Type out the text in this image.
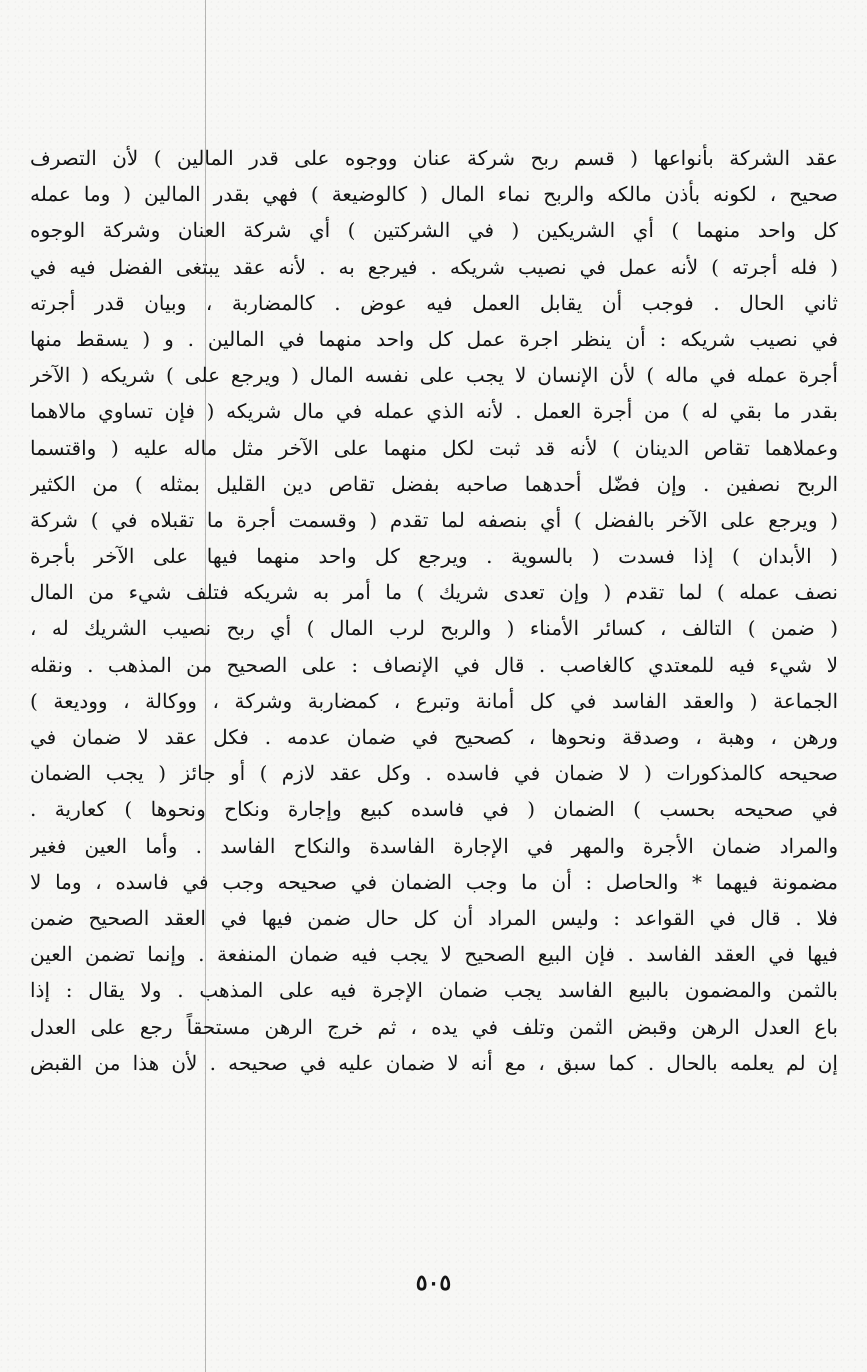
عقد الشركة بأنواعها ( قسم ربح شركة عنان ووجوه على قدر المالين ) لأن التصرف
صحيح ، لكونه بأذن مالكه والربح نماء المال ( كالوضيعة ) فهي بقدر المالين ( وما عمله
كل واحد منهما ) أي الشريكين ( في الشركتين ) أي شركة العنان وشركة الوجوه
( فله أجرته ) لأنه عمل في نصيب شريكه . فيرجع به . لأنه عقد يبتغى الفضل فيه في
ثاني الحال . فوجب أن يقابل العمل فيه عوض . كالمضاربة ، وبيان قدر أجرته
في نصيب شريكه : أن ينظر اجرة عمل كل واحد منهما في المالين . و ( يسقط منها
أجرة عمله في ماله ) لأن الإنسان لا يجب على نفسه المال ( ويرجع على ) شريكه ( الآخر
بقدر ما بقي له ) من أجرة العمل . لأنه الذي عمله في مال شريكه ( فإن تساوي مالاهما
وعملاهما تقاص الدينان ) لأنه قد ثبت لكل منهما على الآخر مثل ماله عليه ( واقتسما
الربح نصفين . وإن فضّل أحدهما صاحبه بفضل تقاص دين القليل بمثله ) من الكثير
( ويرجع على الآخر بالفضل ) أي بنصفه لما تقدم ( وقسمت أجرة ما تقبلاه في ) شركة
( الأبدان ) إذا فسدت ( بالسوية . ويرجع كل واحد منهما فيها على الآخر بأجرة
نصف عمله ) لما تقدم ( وإن تعدى شريك ) ما أمر به شريكه فتلف شيء من المال
( ضمن ) التالف ، كسائر الأمناء ( والربح لرب المال ) أي ربح نصيب الشريك له ،
لا شيء فيه للمعتدي كالغاصب . قال في الإنصاف : على الصحيح من المذهب . ونقله
الجماعة ( والعقد الفاسد في كل أمانة وتبرع ، كمضاربة وشركة ، ووكالة ، ووديعة )
ورهن ، وهبة ، وصدقة ونحوها ، كصحيح في ضمان عدمه . فكل عقد لا ضمان في
صحيحه كالمذكورات ( لا ضمان في فاسده . وكل عقد لازم ) أو جائز ( يجب الضمان
في صحيحه بحسب ) الضمان ( في فاسده كبيع وإجارة ونكاح ونحوها ) كعارية .
والمراد ضمان الأجرة والمهر في الإجارة الفاسدة والنكاح الفاسد . وأما العين فغير
مضمونة فيهما * والحاصل : أن ما وجب الضمان في صحيحه وجب في فاسده ، وما لا
فلا . قال في القواعد : وليس المراد أن كل حال ضمن فيها في العقد الصحيح ضمن
فيها في العقد الفاسد . فإن البيع الصحيح لا يجب فيه ضمان المنفعة . وإنما تضمن العين
بالثمن والمضمون بالبيع الفاسد يجب ضمان الإجرة فيه على المذهب . ولا يقال : إذا
باع العدل الرهن وقبض الثمن وتلف في يده ، ثم خرج الرهن مستحقاً رجع على العدل
إن لم يعلمه بالحال . كما سبق ، مع أنه لا ضمان عليه في صحيحه . لأن هذا من القبض
٥٠٥
